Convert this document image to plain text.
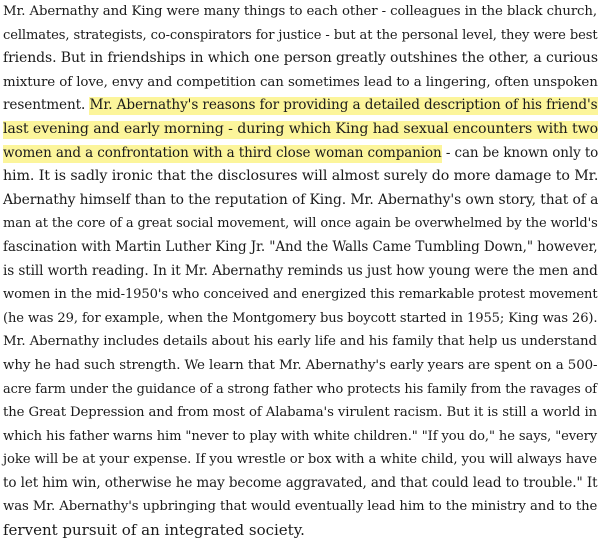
Mr. Abernathy and King were many things to each other - colleagues in the black church,
cellmates, strategists, co-conspirators for justice - but at the personal level, they were best
friends. But in friendships in which one person greatly outshines the other, a curious
mixture of love, envy and competition can sometimes lead to a lingering, often unspoken
resentment. Mr. Abernathy's reasons for providing a detailed description of his friend's
last evening and early morning - during which King had sexual encounters with two
women and a confrontation with a third close woman companion - can be known only to
him. It is sadly ironic that the disclosures will almost surely do more damage to Mr.
Abernathy himself than to the reputation of King. Mr. Abernathy's own story, that of a
man at the core of a great social movement, will once again be overwhelmed by the world's
fascination with Martin Luther King Jr. "And the Walls Came Tumbling Down," however,
is still worth reading. In it Mr. Abernathy reminds us just how young were the men and
women in the mid-1950's who conceived and energized this remarkable protest movement
(he was 29, for example, when the Montgomery bus boycott started in 1955; King was 26).
Mr. Abernathy includes details about his early life and his family that help us understand
why he had such strength. We learn that Mr. Abernathy's early years are spent on a 500-
acre farm under the guidance of a strong father who protects his family from the ravages of
the Great Depression and from most of Alabama's virulent racism. But it is still a world in
which his father warns him "never to play with white children." "If you do," he says, "every
joke will be at your expense. If you wrestle or box with a white child, you will always have
to let him win, otherwise he may become aggravated, and that could lead to trouble." It
was Mr. Abernathy's upbringing that would eventually lead him to the ministry and to the
fervent pursuit of an integrated society.
